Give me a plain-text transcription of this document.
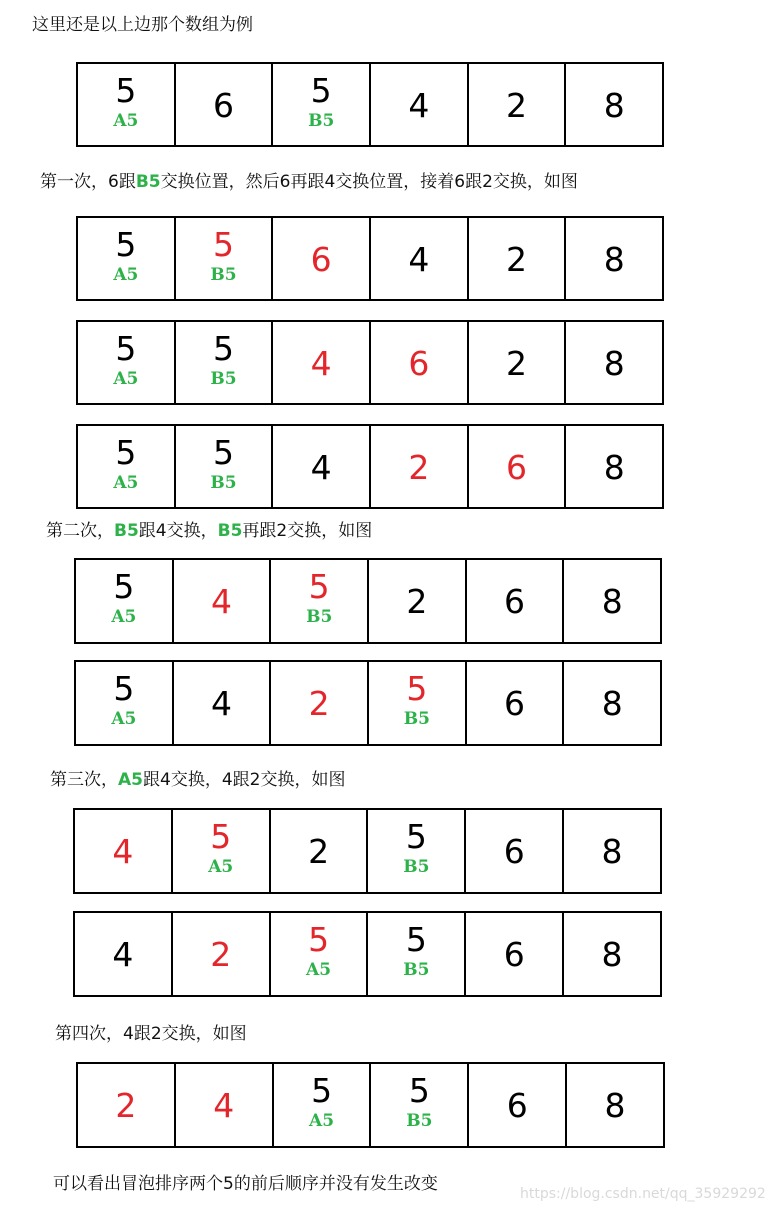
这里还是以上边那个数组为例
5
A5 6 5
B5 4 2 8
第一次，6跟B5交换位置，然后6再跟4交换位置，接着6跟2交换，如图
5
A5
5
B5 6 4 2 8
5
A5
5
B5 4 6 2 8
5
A5
5
B5 4 2 6 8
第二次，B5跟4交换，B5再跟2交换，如图
5
A5 4 5
B5 2 6 8
5
A5 4 2 5
B5 6 8
第三次，A5跟4交换，4跟2交换，如图
4 5
A5 2 5
B5 6 8
4 2 5
A5
5
B5 6 8
第四次，4跟2交换，如图
2 4 5
A5
5
B5 6 8
可以看出冒泡排序两个5的前后顺序并没有发生改变	https://blog.csdn.net/qq_35929292
